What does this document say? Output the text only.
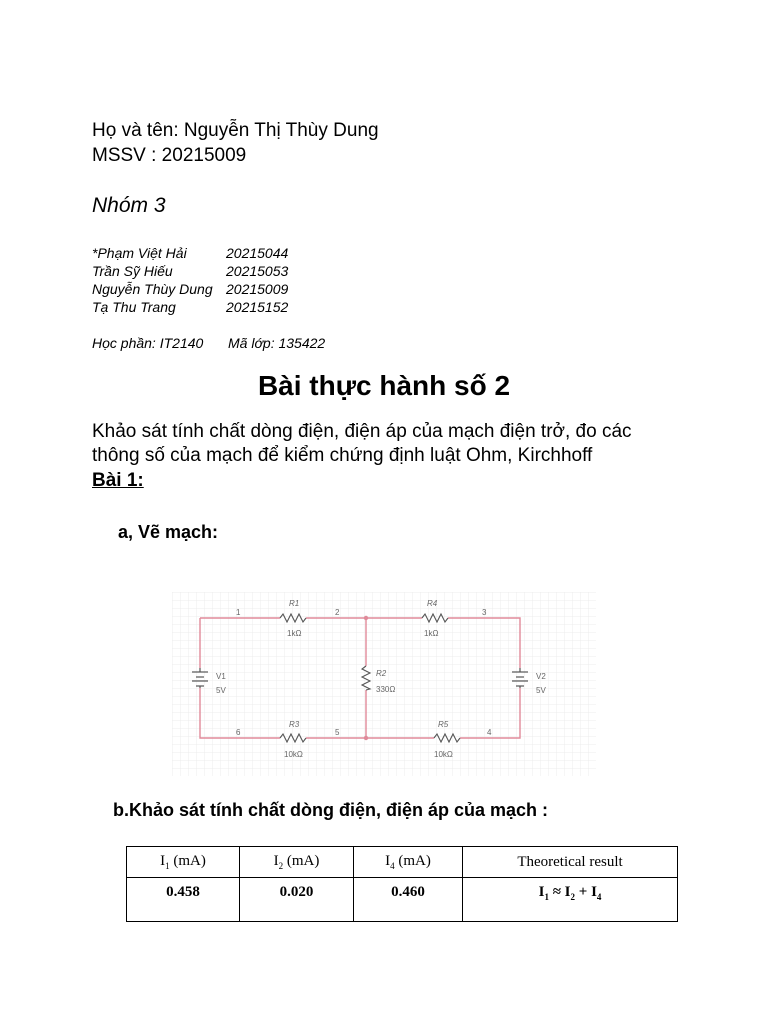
Họ và tên: Nguyễn Thị Thùy Dung
MSSV : 20215009
Nhóm 3
*Phạm Việt Hải	20215044
Trần Sỹ Hiếu	20215053
Nguyễn Thùy Dung 20215009
Tạ Thu Trang	20215152
Học phần: IT2140 Mã lớp: 135422
Bài thực hành số 2
Khảo sát tính chất dòng điện, điện áp của mạch điện trở, đo các
thông số của mạch để kiểm chứng định luật Ohm, Kirchhoff
Bài 1:
a, Vẽ mạch:
1	2	3
4
5
6
R1
1kΩ
R4
1kΩ
R2
330Ω
R3
10kΩ
R5
10kΩ
V1
5V
V2
5V
b.Khảo sát tính chất dòng điện, điện áp của mạch :
$I_1$ (mA)	$I_2$ (mA)	$I_4$ (mA)	Theoretical result
0.458	0.020	0.460	$I_1 \approx I_2 + I_4$
